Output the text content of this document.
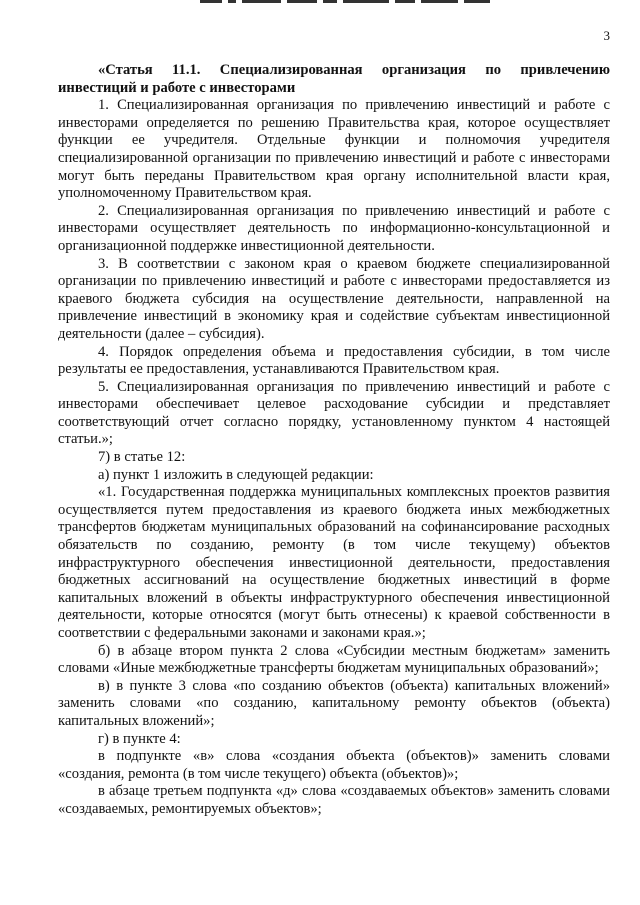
3

«Статья 11.1. Специализированная организация по привлечению инвестиций и работе с инвесторами

1. Специализированная организация по привлечению инвестиций и работе с инвесторами определяется по решению Правительства края, которое осуществляет функции ее учредителя. Отдельные функции и полномочия учредителя специализированной организации по привлечению инвестиций и работе с инвесторами могут быть переданы Правительством края органу исполнительной власти края, уполномоченному Правительством края.

2. Специализированная организация по привлечению инвестиций и работе с инвесторами осуществляет деятельность по информационно-консультационной и организационной поддержке инвестиционной деятельности.

3. В соответствии с законом края о краевом бюджете специализированной организации по привлечению инвестиций и работе с инвесторами предоставляется из краевого бюджета субсидия на осуществление деятельности, направленной на привлечение инвестиций в экономику края и содействие субъектам инвестиционной деятельности (далее – субсидия).

4. Порядок определения объема и предоставления субсидии, в том числе результаты ее предоставления, устанавливаются Правительством края.

5. Специализированная организация по привлечению инвестиций и работе с инвесторами обеспечивает целевое расходование субсидии и представляет соответствующий отчет согласно порядку, установленному пунктом 4 настоящей статьи.»;

7) в статье 12:

а) пункт 1 изложить в следующей редакции:

«1. Государственная поддержка муниципальных комплексных проектов развития осуществляется путем предоставления из краевого бюджета иных межбюджетных трансфертов бюджетам муниципальных образований на софинансирование расходных обязательств по созданию, ремонту (в том числе текущему) объектов инфраструктурного обеспечения инвестиционной деятельности, предоставления бюджетных ассигнований на осуществление бюджетных инвестиций в форме капитальных вложений в объекты инфраструктурного обеспечения инвестиционной деятельности, которые относятся (могут быть отнесены) к краевой собственности в соответствии с федеральными законами и законами края.»;

б) в абзаце втором пункта 2 слова «Субсидии местным бюджетам» заменить словами «Иные межбюджетные трансферты бюджетам муниципальных образований»;

в) в пункте 3 слова «по созданию объектов (объекта) капитальных вложений» заменить словами «по созданию, капитальному ремонту объектов (объекта) капитальных вложений»;

г) в пункте 4:

в подпункте «в» слова «создания объекта (объектов)» заменить словами «создания, ремонта (в том числе текущего) объекта (объектов)»;

в абзаце третьем подпункта «д» слова «создаваемых объектов» заменить словами «создаваемых, ремонтируемых объектов»;
